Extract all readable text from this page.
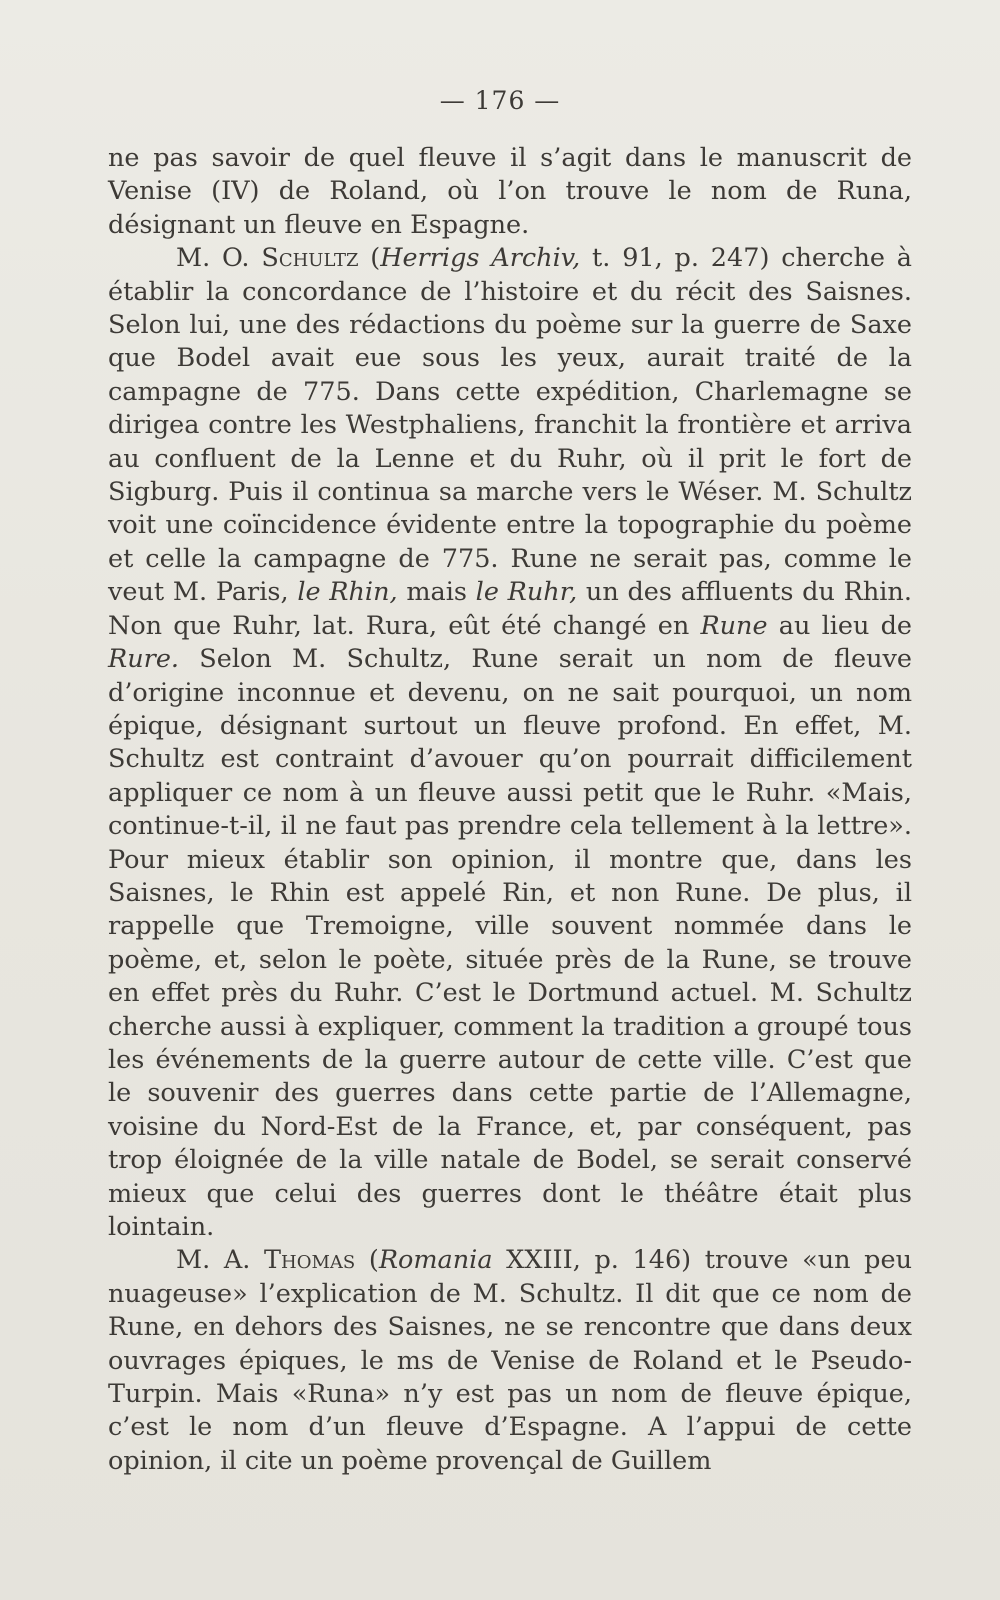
— 176 —

ne pas savoir de quel fleuve il s’agit dans le manuscrit de Venise (IV) de Roland, où l’on trouve le nom de Runa, désignant un fleuve en Espagne.

M. O. Schultz (Herrigs Archiv, t. 91, p. 247) cherche à établir la concordance de l’histoire et du récit des Saisnes. Selon lui, une des rédactions du poème sur la guerre de Saxe que Bodel avait eue sous les yeux, aurait traité de la campagne de 775. Dans cette expédition, Charlemagne se dirigea contre les Westphaliens, franchit la frontière et arriva au confluent de la Lenne et du Ruhr, où il prit le fort de Sigburg. Puis il continua sa marche vers le Wéser. M. Schultz voit une coïncidence évidente entre la topographie du poème et celle la campagne de 775. Rune ne serait pas, comme le veut M. Paris, le Rhin, mais le Ruhr, un des affluents du Rhin. Non que Ruhr, lat. Rura, eût été changé en Rune au lieu de Rure. Selon M. Schultz, Rune serait un nom de fleuve d’origine inconnue et devenu, on ne sait pourquoi, un nom épique, désignant surtout un fleuve profond. En effet, M. Schultz est contraint d’avouer qu’on pourrait difficilement appliquer ce nom à un fleuve aussi petit que le Ruhr. «Mais, continue-t-il, il ne faut pas prendre cela tellement à la lettre». Pour mieux établir son opinion, il montre que, dans les Saisnes, le Rhin est appelé Rin, et non Rune. De plus, il rappelle que Tremoigne, ville souvent nommée dans le poème, et, selon le poète, située près de la Rune, se trouve en effet près du Ruhr. C’est le Dortmund actuel. M. Schultz cherche aussi à expliquer, comment la tradition a groupé tous les événements de la guerre autour de cette ville. C’est que le souvenir des guerres dans cette partie de l’Allemagne, voisine du Nord-Est de la France, et, par conséquent, pas trop éloignée de la ville natale de Bodel, se serait conservé mieux que celui des guerres dont le théâtre était plus lointain.

M. A. Thomas (Romania XXIII, p. 146) trouve «un peu nuageuse» l’explication de M. Schultz. Il dit que ce nom de Rune, en dehors des Saisnes, ne se rencontre que dans deux ouvrages épiques, le ms de Venise de Roland et le Pseudo-Turpin. Mais «Runa» n’y est pas un nom de fleuve épique, c’est le nom d’un fleuve d’Espagne. A l’appui de cette opinion, il cite un poème provençal de Guillem
